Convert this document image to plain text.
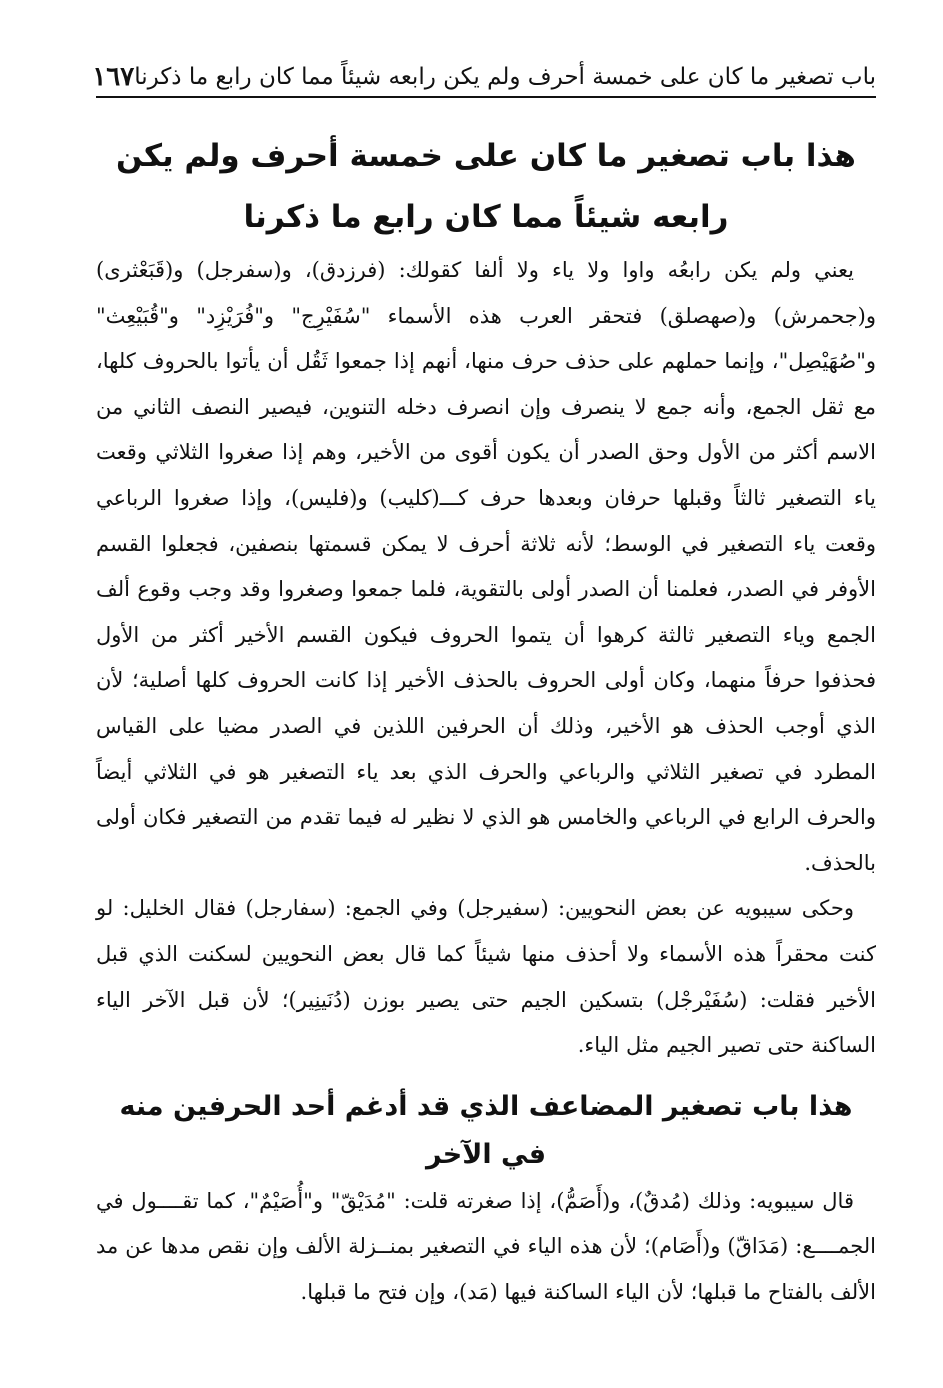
باب تصغير ما كان على خمسة أحرف ولم يكن رابعه شيئاً مما كان رابع ما ذكرنا
١٦٧
هذا باب تصغير ما كان على خمسة أحرف ولم يكن رابعه شيئاً مما كان رابع ما ذكرنا

يعني ولم يكن رابعُه واوا ولا ياء ولا ألفا كقولك: (فرزدق)، و(سفرجل) و(قَبَعْثرى) و(جحمرش) و(صهصلق) فتحقر العرب هذه الأسماء "سُفَيْرِج" و"فُرَيْزِد" و"قُبَيْعِث" و"صُهَيْصِل"، وإنما حملهم على حذف حرف منها، أنهم إذا جمعوا ثَقُل أن يأتوا بالحروف كلها، مع ثقل الجمع، وأنه جمع لا ينصرف وإن انصرف دخله التنوين، فيصير النصف الثاني من الاسم أكثر من الأول وحق الصدر أن يكون أقوى من الأخير، وهم إذا صغروا الثلاثي وقعت ياء التصغير ثالثاً وقبلها حرفان وبعدها حرف كـــ(كليب) و(فليس)، وإذا صغروا الرباعي وقعت ياء التصغير في الوسط؛ لأنه ثلاثة أحرف لا يمكن قسمتها بنصفين، فجعلوا القسم الأوفر في الصدر، فعلمنا أن الصدر أولى بالتقوية، فلما جمعوا وصغروا وقد وجب وقوع ألف الجمع وياء التصغير ثالثة كرهوا أن يتموا الحروف فيكون القسم الأخير أكثر من الأول فحذفوا حرفاً منهما، وكان أولى الحروف بالحذف الأخير إذا كانت الحروف كلها أصلية؛ لأن الذي أوجب الحذف هو الأخير، وذلك أن الحرفين اللذين في الصدر مضيا على القياس المطرد في تصغير الثلاثي والرباعي والحرف الذي بعد ياء التصغير هو في الثلاثي أيضاً والحرف الرابع في الرباعي والخامس هو الذي لا نظير له فيما تقدم من التصغير فكان أولى بالحذف.

وحكى سيبويه عن بعض النحويين: (سفيرجل) وفي الجمع: (سفارجل) فقال الخليل: لو كنت محقراً هذه الأسماء ولا أحذف منها شيئاً كما قال بعض النحويين لسكنت الذي قبل الأخير فقلت: (سُفَيْرجْل) بتسكين الجيم حتى يصير بوزن (دُنَينِير)؛ لأن قبل الآخر الياء الساكنة حتى تصير الجيم مثل الياء.

هذا باب تصغير المضاعف الذي قد أدغم أحد الحرفين منه في الآخر

قال سيبويه: وذلك (مُدقٌ)، و(أَصَمُّ)، إذا صغرته قلت: "مُدَيْقّ" و"أُصَيْمٌ"، كما تقــــول في الجمــــع: (مَدَاقّ) و(أَصَام)؛ لأن هذه الياء في التصغير بمنــزلة الألف وإن نقص مدها عن مد الألف بالفتاح ما قبلها؛ لأن الياء الساكنة فيها (مَد)، وإن فتح ما قبلها.
